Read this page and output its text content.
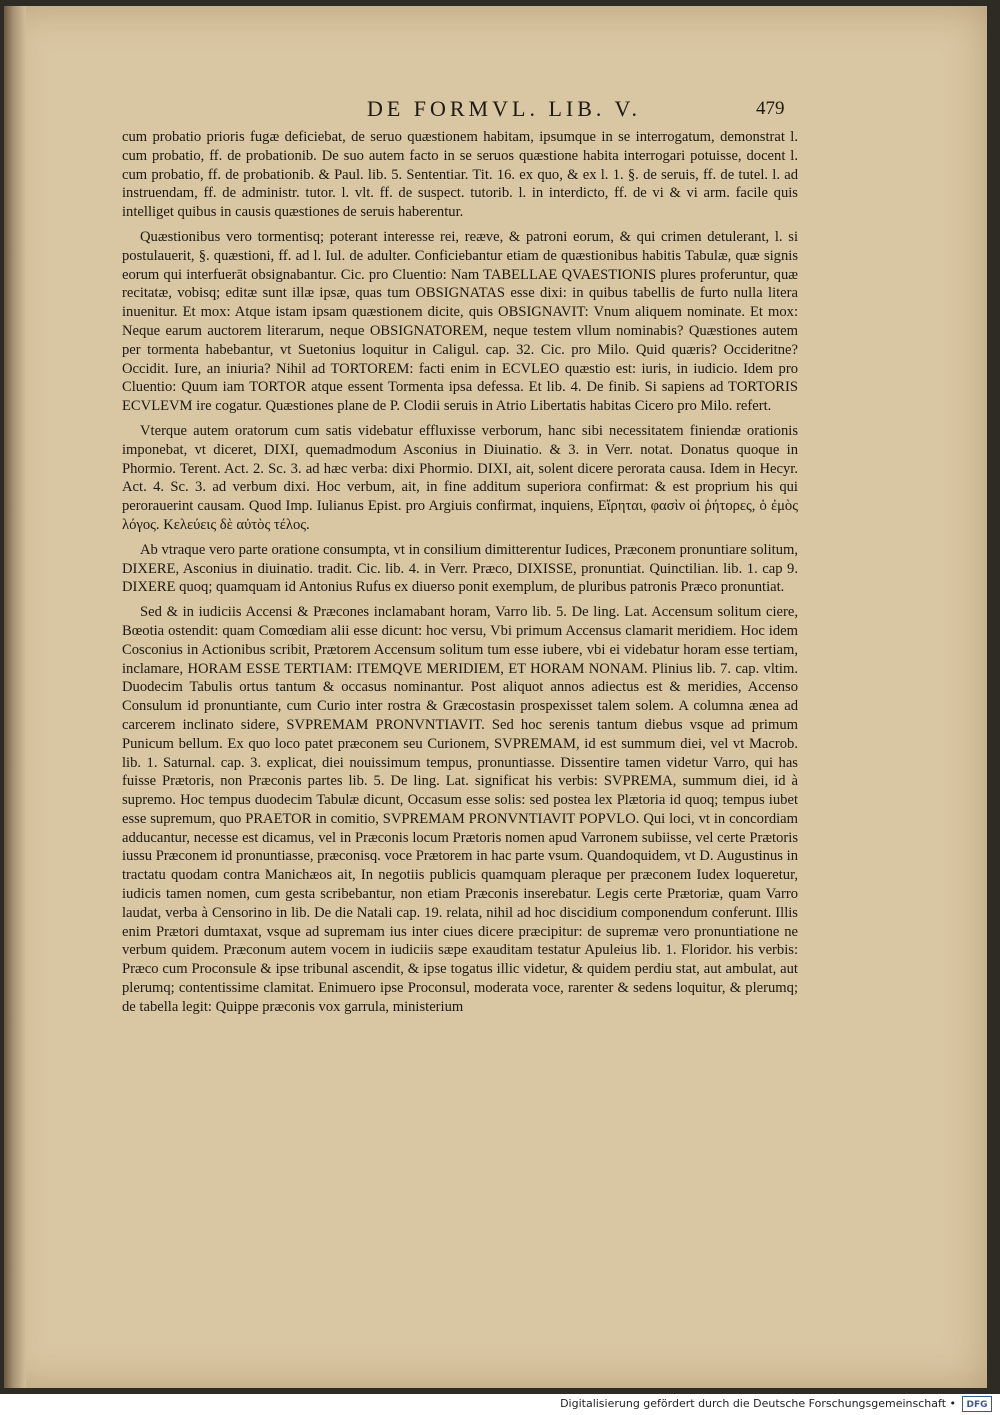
DE FORMVL. LIB. V.	479

cum probatio prioris fugæ deficiebat, de seruo quæstionem habitam, ipsumque in se interrogatum, demonstrat l. cum probatio, ff. de probationib. De suo autem facto in se seruos quæstione habita interrogari potuisse, docent l. cum probatio, ff. de probationib. & Paul. lib. 5. Sententiar. Tit. 16. ex quo, & ex l. 1. §. de seruis, ff. de tutel. l. ad instruendam, ff. de administr. tutor. l. vlt. ff. de suspect. tutorib. l. in interdicto, ff. de vi & vi arm. facile quis intelliget quibus in causis quæstiones de seruis haberentur.

Quæstionibus vero tormentisq; poterant interesse rei, reæve, & patroni eorum, & qui crimen detulerant, l. si postulauerit, §. quæstioni, ff. ad l. Iul. de adulter. Conficiebantur etiam de quæstionibus habitis Tabulæ, quæ signis eorum qui interfuerāt obsignabantur. Cic. pro Cluentio: Nam TABELLAE QVAESTIONIS plures proferuntur, quæ recitatæ, vobisq; editæ sunt illæ ipsæ, quas tum OBSIGNATAS esse dixi: in quibus tabellis de furto nulla litera inuenitur. Et mox: Atque istam ipsam quæstionem dicite, quis OBSIGNAVIT: Vnum aliquem nominate. Et mox: Neque earum auctorem literarum, neque OBSIGNATOREM, neque testem vllum nominabis? Quæstiones autem per tormenta habebantur, vt Suetonius loquitur in Caligul. cap. 32. Cic. pro Milo. Quid quæris? Occideritne? Occidit. Iure, an iniuria? Nihil ad TORTOREM: facti enim in ECVLEO quæstio est: iuris, in iudicio. Idem pro Cluentio: Quum iam TORTOR atque essent Tormenta ipsa defessa. Et lib. 4. De finib. Si sapiens ad TORTORIS ECVLEVM ire cogatur. Quæstiones plane de P. Clodii seruis in Atrio Libertatis habitas Cicero pro Milo. refert.

Vterque autem oratorum cum satis videbatur effluxisse verborum, hanc sibi necessitatem finiendæ orationis imponebat, vt diceret, DIXI, quemadmodum Asconius in Diuinatio. & 3. in Verr. notat. Donatus quoque in Phormio. Terent. Act. 2. Sc. 3. ad hæc verba: dixi Phormio. DIXI, ait, solent dicere perorata causa. Idem in Hecyr. Act. 4. Sc. 3. ad verbum dixi. Hoc verbum, ait, in fine additum superiora confirmat: & est proprium his qui perorauerint causam. Quod Imp. Iulianus Epist. pro Argiuis confirmat, inquiens, Εἴρηται, φασὶν οἱ ῥήτορες, ὁ ἐμὸς λόγος. Κελεύεις δὲ αὐτὸς τέλος.

Ab vtraque vero parte oratione consumpta, vt in consilium dimitterentur Iudices, Præconem pronuntiare solitum, DIXERE, Asconius in diuinatio. tradit. Cic. lib. 4. in Verr. Præco, DIXISSE, pronuntiat. Quinctilian. lib. 1. cap 9. DIXERE quoq; quamquam id Antonius Rufus ex diuerso ponit exemplum, de pluribus patronis Præco pronuntiat.

Sed & in iudiciis Accensi & Præcones inclamabant horam, Varro lib. 5. De ling. Lat. Accensum solitum ciere, Bœotia ostendit: quam Comœdiam alii esse dicunt: hoc versu, Vbi primum Accensus clamarit meridiem. Hoc idem Cosconius in Actionibus scribit, Prætorem Accensum solitum tum esse iubere, vbi ei videbatur horam esse tertiam, inclamare, HORAM ESSE TERTIAM: ITEMQVE MERIDIEM, ET HORAM NONAM. Plinius lib. 7. cap. vltim. Duodecim Tabulis ortus tantum & occasus nominantur. Post aliquot annos adiectus est & meridies, Accenso Consulum id pronuntiante, cum Curio inter rostra & Græcostasin prospexisset talem solem. A columna ænea ad carcerem inclinato sidere, SVPREMAM PRONVNTIAVIT. Sed hoc serenis tantum diebus vsque ad primum Punicum bellum. Ex quo loco patet præconem seu Curionem, SVPREMAM, id est summum diei, vel vt Macrob. lib. 1. Saturnal. cap. 3. explicat, diei nouissimum tempus, pronuntiasse. Dissentire tamen videtur Varro, qui has fuisse Prætoris, non Præconis partes lib. 5. De ling. Lat. significat his verbis: SVPREMA, summum diei, id à supremo. Hoc tempus duodecim Tabulæ dicunt, Occasum esse solis: sed postea lex Plætoria id quoq; tempus iubet esse supremum, quo PRAETOR in comitio, SVPREMAM PRONVNTIAVIT POPVLO. Qui loci, vt in concordiam adducantur, necesse est dicamus, vel in Præconis locum Prætoris nomen apud Varronem subiisse, vel certe Prætoris iussu Præconem id pronuntiasse, præconisq. voce Prætorem in hac parte vsum. Quandoquidem, vt D. Augustinus in tractatu quodam contra Manichæos ait, In negotiis publicis quamquam pleraque per præconem Iudex loqueretur, iudicis tamen nomen, cum gesta scribebantur, non etiam Præconis inserebatur. Legis certe Prætoriæ, quam Varro laudat, verba à Censorino in lib. De die Natali cap. 19. relata, nihil ad hoc discidium componendum conferunt. Illis enim Prætori dumtaxat, vsque ad supremam ius inter ciues dicere præcipitur: de supremæ vero pronuntiatione ne verbum quidem. Præconum autem vocem in iudiciis sæpe exauditam testatur Apuleius lib. 1. Floridor. his verbis: Præco cum Proconsule & ipse tribunal ascendit, & ipse togatus illic videtur, & quidem perdiu stat, aut ambulat, aut plerumq; contentissime clamitat. Enimuero ipse Proconsul, moderata voce, rarenter & sedens loquitur, & plerumq; de tabella legit: Quippe præconis vox garrula, ministerium

Digitalisierung gefördert durch die Deutsche Forschungsgemeinschaft •	DFG
